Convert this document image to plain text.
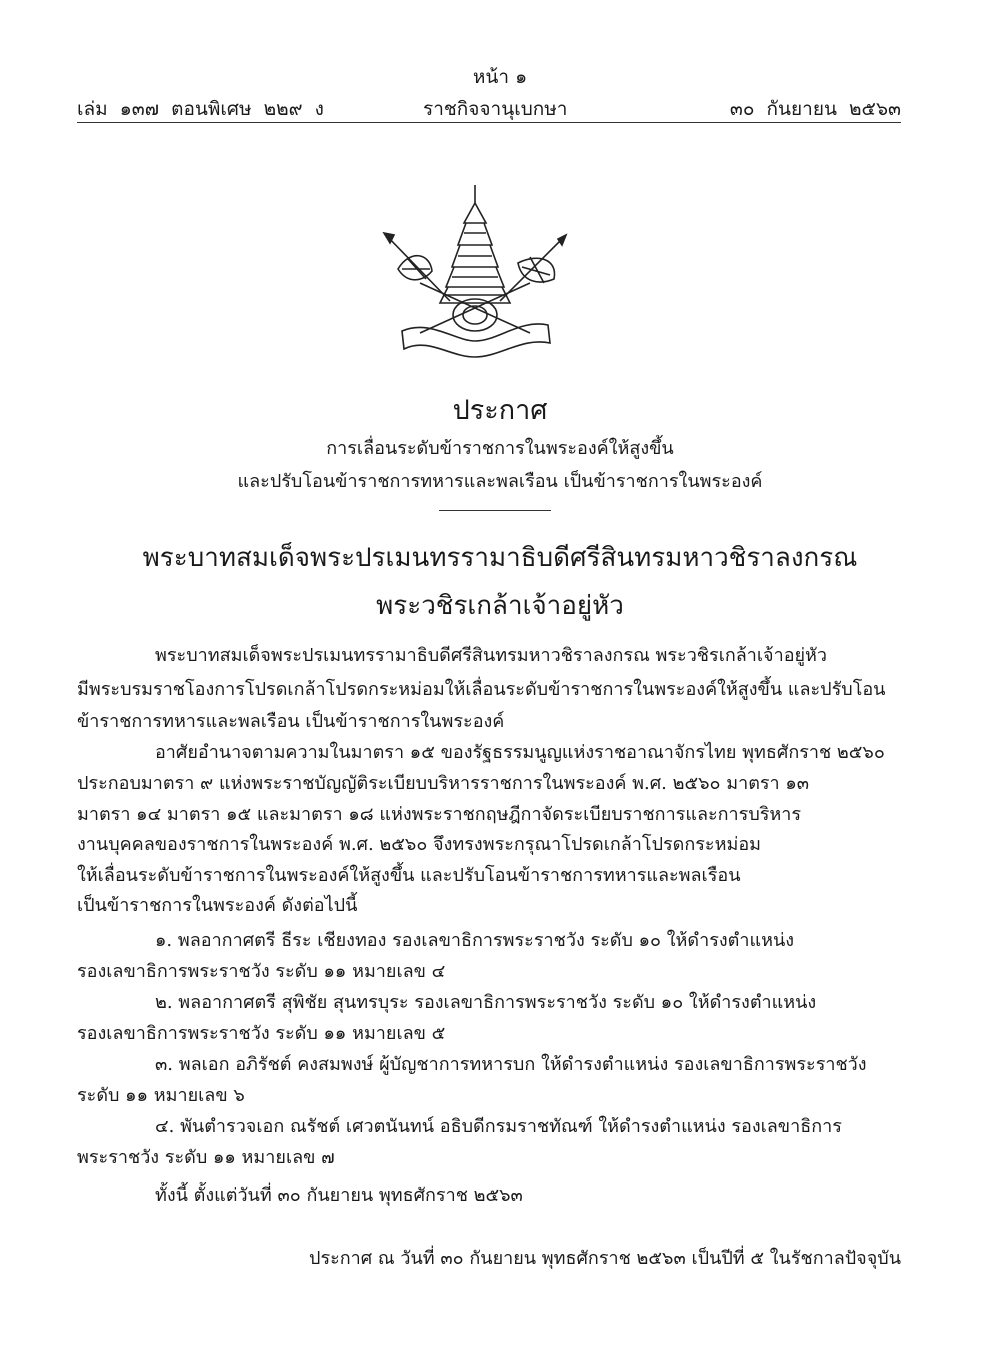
หน้า ๑
เล่ม  ๑๓๗  ตอนพิเศษ  ๒๒๙  ง	ราชกิจจานุเบกษา	๓๐  กันยายน  ๒๕๖๓
ประกาศ
การเลื่อนระดับข้าราชการในพระองค์ให้สูงขึ้น
และปรับโอนข้าราชการทหารและพลเรือน เป็นข้าราชการในพระองค์
พระบาทสมเด็จพระปรเมนทรรามาธิบดีศรีสินทรมหาวชิราลงกรณ
พระวชิรเกล้าเจ้าอยู่หัว
พระบาทสมเด็จพระปรเมนทรรามาธิบดีศรีสินทรมหาวชิราลงกรณ พระวชิรเกล้าเจ้าอยู่หัว
มีพระบรมราชโองการโปรดเกล้าโปรดกระหม่อมให้เลื่อนระดับข้าราชการในพระองค์ให้สูงขึ้น และปรับโอน
ข้าราชการทหารและพลเรือน เป็นข้าราชการในพระองค์
อาศัยอำนาจตามความในมาตรา ๑๕ ของรัฐธรรมนูญแห่งราชอาณาจักรไทย พุทธศักราช ๒๕๖๐
ประกอบมาตรา ๙ แห่งพระราชบัญญัติระเบียบบริหารราชการในพระองค์ พ.ศ. ๒๕๖๐ มาตรา ๑๓
มาตรา ๑๔ มาตรา ๑๕ และมาตรา ๑๘ แห่งพระราชกฤษฎีกาจัดระเบียบราชการและการบริหาร
งานบุคคลของราชการในพระองค์ พ.ศ. ๒๕๖๐ จึงทรงพระกรุณาโปรดเกล้าโปรดกระหม่อม
ให้เลื่อนระดับข้าราชการในพระองค์ให้สูงขึ้น และปรับโอนข้าราชการทหารและพลเรือน
เป็นข้าราชการในพระองค์ ดังต่อไปนี้
๑. พลอากาศตรี ธีระ เชียงทอง รองเลขาธิการพระราชวัง ระดับ ๑๐ ให้ดำรงตำแหน่ง
รองเลขาธิการพระราชวัง ระดับ ๑๑ หมายเลข ๔
๒. พลอากาศตรี สุพิชัย สุนทรบุระ รองเลขาธิการพระราชวัง ระดับ ๑๐ ให้ดำรงตำแหน่ง
รองเลขาธิการพระราชวัง ระดับ ๑๑ หมายเลข ๕
๓. พลเอก อภิรัชต์ คงสมพงษ์ ผู้บัญชาการทหารบก ให้ดำรงตำแหน่ง รองเลขาธิการพระราชวัง
ระดับ ๑๑ หมายเลข ๖
๔. พันตำรวจเอก ณรัชต์ เศวตนันทน์ อธิบดีกรมราชทัณฑ์ ให้ดำรงตำแหน่ง รองเลขาธิการ
พระราชวัง ระดับ ๑๑ หมายเลข ๗
ทั้งนี้ ตั้งแต่วันที่ ๓๐ กันยายน พุทธศักราช ๒๕๖๓
ประกาศ ณ วันที่ ๓๐ กันยายน พุทธศักราช ๒๕๖๓ เป็นปีที่ ๕ ในรัชกาลปัจจุบัน
